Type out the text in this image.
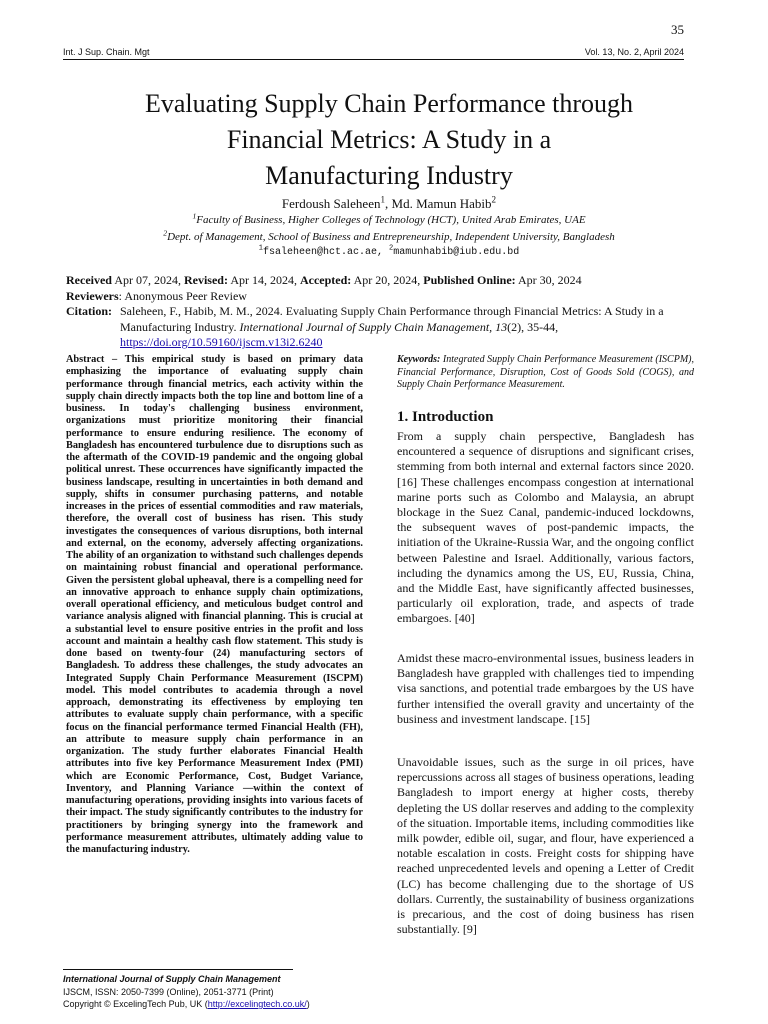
35
Int. J Sup. Chain. Mgt	Vol. 13, No. 2, April 2024
Evaluating Supply Chain Performance through
Financial Metrics: A Study in a
Manufacturing Industry
Ferdoush Saleheen$^1$, Md. Mamun Habib$^2$
$^1$Faculty of Business, Higher Colleges of Technology (HCT), United Arab Emirates, UAE
$^2$Dept. of Management, School of Business and Entrepreneurship, Independent University, Bangladesh
$^1$fsaleheen@hct.ac.ae, $^2$mamunhabib@iub.edu.bd
Received Apr 07, 2024, Revised: Apr 14, 2024, Accepted: Apr 20, 2024, Published Online: Apr 30, 2024
Reviewers: Anonymous Peer Review
Citation: Saleheen, F., Habib, M. M., 2024. Evaluating Supply Chain Performance through Financial Metrics: A Study in a
Manufacturing Industry. International Journal of Supply Chain Management, 13(2), 35-44,
https://doi.org/10.59160/ijscm.v13i2.6240
Abstract – This empirical study is based on primary data emphasizing the importance of evaluating supply chain performance through financial metrics, each activity within the supply chain directly impacts both the top line and bottom line of a business. In today's challenging business environment, organizations must prioritize monitoring their financial performance to ensure enduring resilience. The economy of Bangladesh has encountered turbulence due to disruptions such as the aftermath of the COVID-19 pandemic and the ongoing global political unrest. These occurrences have significantly impacted the business landscape, resulting in uncertainties in both demand and supply, shifts in consumer purchasing patterns, and notable increases in the prices of essential commodities and raw materials, therefore, the overall cost of business has risen. This study investigates the consequences of various disruptions, both internal and external, on the economy, adversely affecting organizations. The ability of an organization to withstand such challenges depends on maintaining robust financial and operational performance. Given the persistent global upheaval, there is a compelling need for an innovative approach to enhance supply chain optimizations, overall operational efficiency, and meticulous budget control and variance analysis aligned with financial planning. This is crucial at a substantial level to ensure positive entries in the profit and loss account and maintain a healthy cash flow statement. This study is done based on twenty-four (24) manufacturing sectors of Bangladesh. To address these challenges, the study advocates an Integrated Supply Chain Performance Measurement (ISCPM) model. This model contributes to academia through a novel approach, demonstrating its effectiveness by employing ten attributes to evaluate supply chain performance, with a specific focus on the financial performance termed Financial Health (FH), an attribute to measure supply chain performance in an organization. The study further elaborates Financial Health attributes into five key Performance Measurement Index (PMI) which are Economic Performance, Cost, Budget Variance, Inventory, and Planning Variance —within the context of manufacturing operations, providing insights into various facets of their impact. The study significantly contributes to the industry for practitioners by bringing synergy into the framework and performance measurement attributes, ultimately adding value to the manufacturing industry.
Keywords: Integrated Supply Chain Performance Measurement (ISCPM), Financial Performance, Disruption, Cost of Goods Sold (COGS), and Supply Chain Performance Measurement.
1. Introduction
From a supply chain perspective, Bangladesh has encountered a sequence of disruptions and significant crises, stemming from both internal and external factors since 2020. [16] These challenges encompass congestion at international marine ports such as Colombo and Malaysia, an abrupt blockage in the Suez Canal, pandemic-induced lockdowns, the subsequent waves of post-pandemic impacts, the initiation of the Ukraine-Russia War, and the ongoing conflict between Palestine and Israel. Additionally, various factors, including the dynamics among the US, EU, Russia, China, and the Middle East, have significantly affected businesses, particularly oil exploration, trade, and aspects of trade embargoes. [40]
Amidst these macro-environmental issues, business leaders in Bangladesh have grappled with challenges tied to impending visa sanctions, and potential trade embargoes by the US have further intensified the overall gravity and uncertainty of the business and investment landscape. [15]
Unavoidable issues, such as the surge in oil prices, have repercussions across all stages of business operations, leading Bangladesh to import energy at higher costs, thereby depleting the US dollar reserves and adding to the complexity of the situation. Importable items, including commodities like milk powder, edible oil, sugar, and flour, have experienced a notable escalation in costs. Freight costs for shipping have reached unprecedented levels and opening a Letter of Credit (LC) has become challenging due to the shortage of US dollars. Currently, the sustainability of business organizations is precarious, and the cost of doing business has risen substantially. [9]
International Journal of Supply Chain Management
IJSCM, ISSN: 2050-7399 (Online), 2051-3771 (Print)
Copyright © ExcelingTech Pub, UK (http://excelingtech.co.uk/)
